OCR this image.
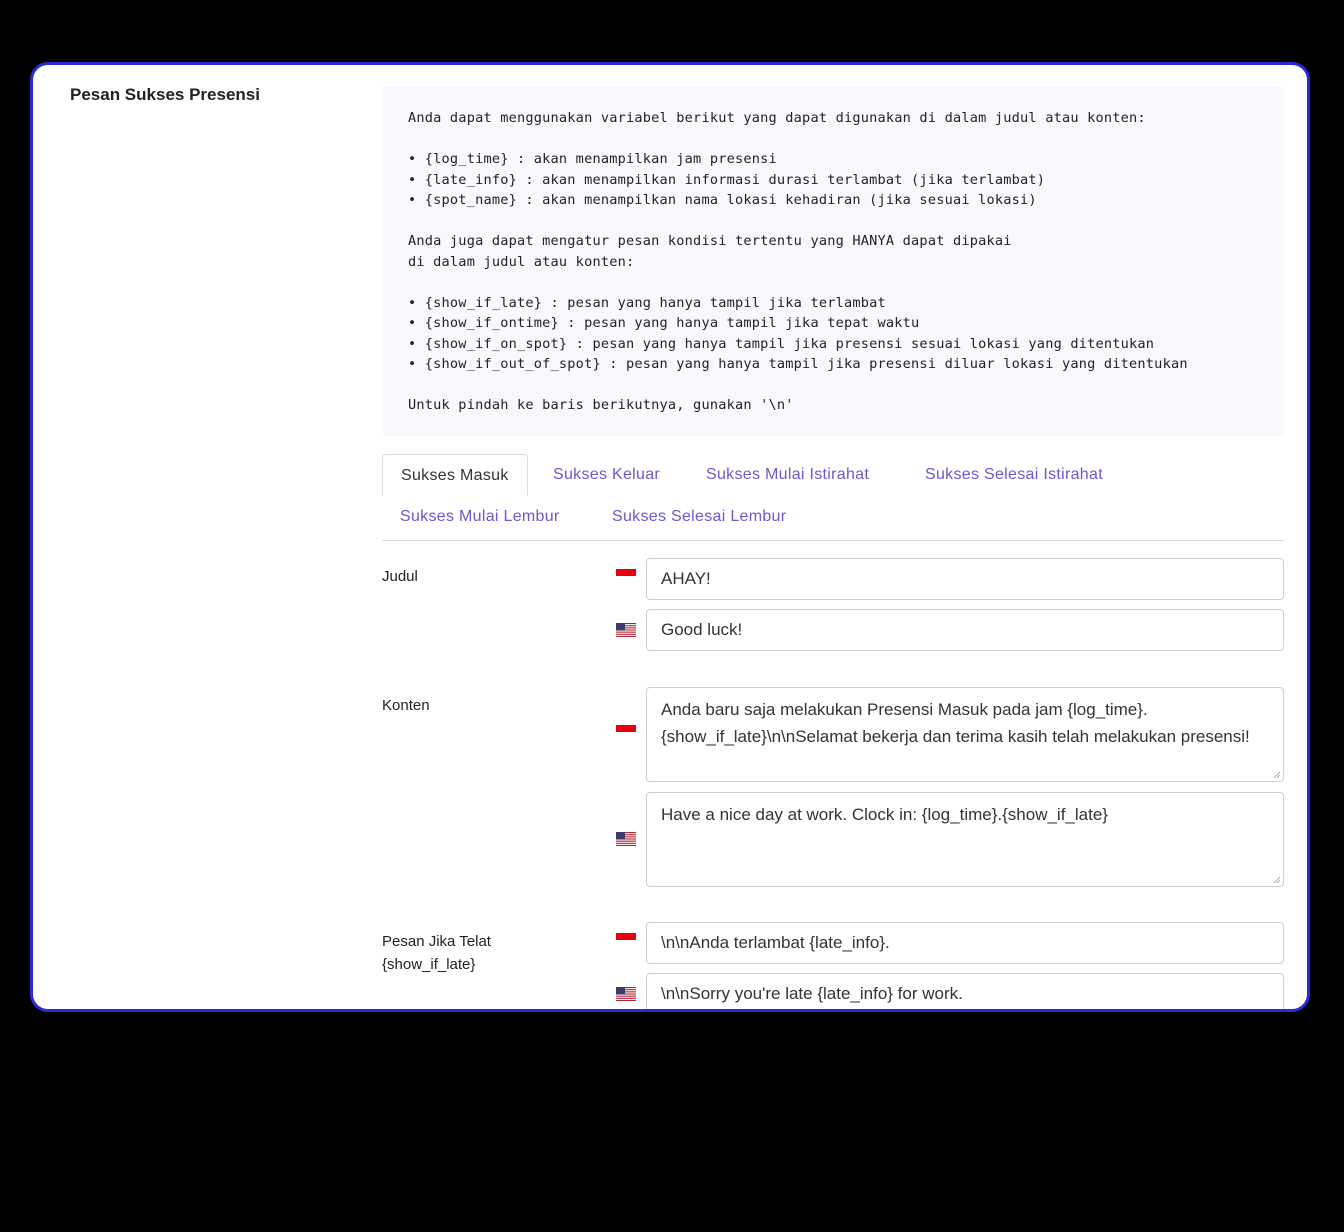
Pesan Sukses Presensi
Anda dapat menggunakan variabel berikut yang dapat digunakan di dalam judul atau konten:
• {log_time} : akan menampilkan jam presensi
• {late_info} : akan menampilkan informasi durasi terlambat (jika terlambat)
• {spot_name} : akan menampilkan nama lokasi kehadiran (jika sesuai lokasi)
Anda juga dapat mengatur pesan kondisi tertentu yang HANYA dapat dipakai
di dalam judul atau konten:
• {show_if_late} : pesan yang hanya tampil jika terlambat
• {show_if_ontime} : pesan yang hanya tampil jika tepat waktu
• {show_if_on_spot} : pesan yang hanya tampil jika presensi sesuai lokasi yang ditentukan
• {show_if_out_of_spot} : pesan yang hanya tampil jika presensi diluar lokasi yang ditentukan
Untuk pindah ke baris berikutnya, gunakan '\n'
Sukses Masuk	Sukses Keluar	Sukses Mulai Istirahat	Sukses Selesai Istirahat
Sukses Mulai Lembur	Sukses Selesai Lembur
Judul	AHAY!
Good luck!
Konten	Anda baru saja melakukan Presensi Masuk pada jam {log_time}.{show_if_late}\n\nSelamat bekerja dan terima kasih telah melakukan presensi!
Have a nice day at work. Clock in: {log_time}.{show_if_late}
Pesan Jika Telat
{show_if_late}
\n\nAnda terlambat {late_info}.
\n\nSorry you're late {late_info} for work.
